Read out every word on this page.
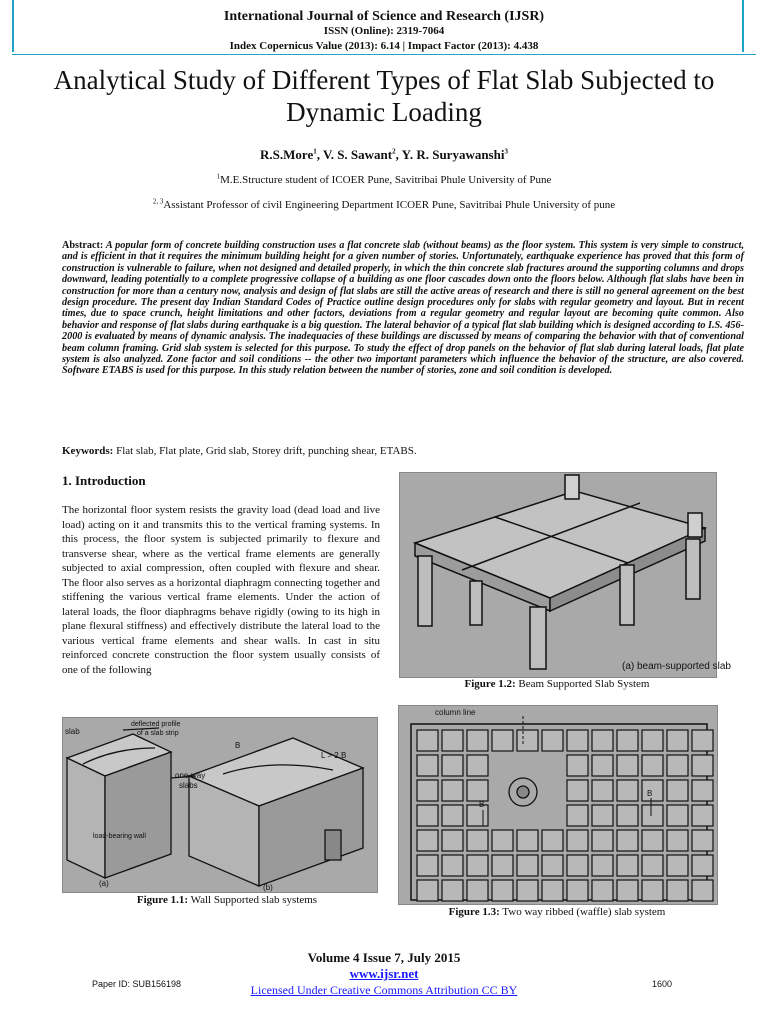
International Journal of Science and Research (IJSR)
ISSN (Online): 2319-7064
Index Copernicus Value (2013): 6.14 | Impact Factor (2013): 4.438
Analytical Study of Different Types of Flat Slab Subjected to Dynamic Loading
R.S.More$^1$, V. S. Sawant$^2$, Y. R. Suryawanshi$^3$
$^1$M.E.Structure student of ICOER Pune, Savitribai Phule University of Pune
$^{2, 3}$Assistant Professor of civil Engineering Department ICOER Pune, Savitribai Phule University of pune
Abstract: A popular form of concrete building construction uses a flat concrete slab (without beams) as the floor system. This system is very simple to construct, and is efficient in that it requires the minimum building height for a given number of stories. Unfortunately, earthquake experience has proved that this form of construction is vulnerable to failure, when not designed and detailed properly, in which the thin concrete slab fractures around the supporting columns and drops downward, leading potentially to a complete progressive collapse of a building as one floor cascades down onto the floors below. Although flat slabs have been in construction for more than a century now, analysis and design of flat slabs are still the active areas of research and there is still no general agreement on the best design procedure. The present day Indian Standard Codes of Practice outline design procedures only for slabs with regular geometry and layout. But in recent times, due to space crunch, height limitations and other factors, deviations from a regular geometry and regular layout are becoming quite common. Also behavior and response of flat slabs during earthquake is a big question. The lateral behavior of a typical flat slab building which is designed according to I.S. 456- 2000 is evaluated by means of dynamic analysis. The inadequacies of these buildings are discussed by means of comparing the behavior with that of conventional beam column framing. Grid slab system is selected for this purpose. To study the effect of drop panels on the behavior of flat slab during lateral loads, flat plate system is also analyzed. Zone factor and soil conditions -- the other two important parameters which influence the behavior of the structure, are also covered. Software ETABS is used for this purpose. In this study relation between the number of stories, zone and soil condition is developed.
Keywords: Flat slab, Flat plate, Grid slab, Storey drift, punching shear, ETABS.
1. Introduction
The horizontal floor system resists the gravity load (dead load and live load) acting on it and transmits this to the vertical framing systems. In this process, the floor system is subjected primarily to flexure and transverse shear, where as the vertical frame elements are generally subjected to axial compression, often coupled with flexure and shear. The floor also serves as a horizontal diaphragm connecting together and stiffening the various vertical frame elements. Under the action of lateral loads, the floor diaphragms behave rigidly (owing to its high in plane flexural stiffness) and effectively distribute the lateral load to the various vertical frame elements and shear walls. In cast in situ reinforced concrete construction the floor system usually consists of one of the following	(a) beam-supported slab
Figure 1.2: Beam Supported Slab System
slab
deflected profile
of a slab strip
one-way
slabs
load-bearing wall
(a)	(b)
L > 2 B
B
Figure 1.1: Wall Supported slab systems
column line
B
B
Figure 1.3: Two way ribbed (waffle) slab system
Volume 4 Issue 7, July 2015
www.ijsr.net
Licensed Under Creative Commons Attribution CC BY
Paper ID: SUB156198	1600
